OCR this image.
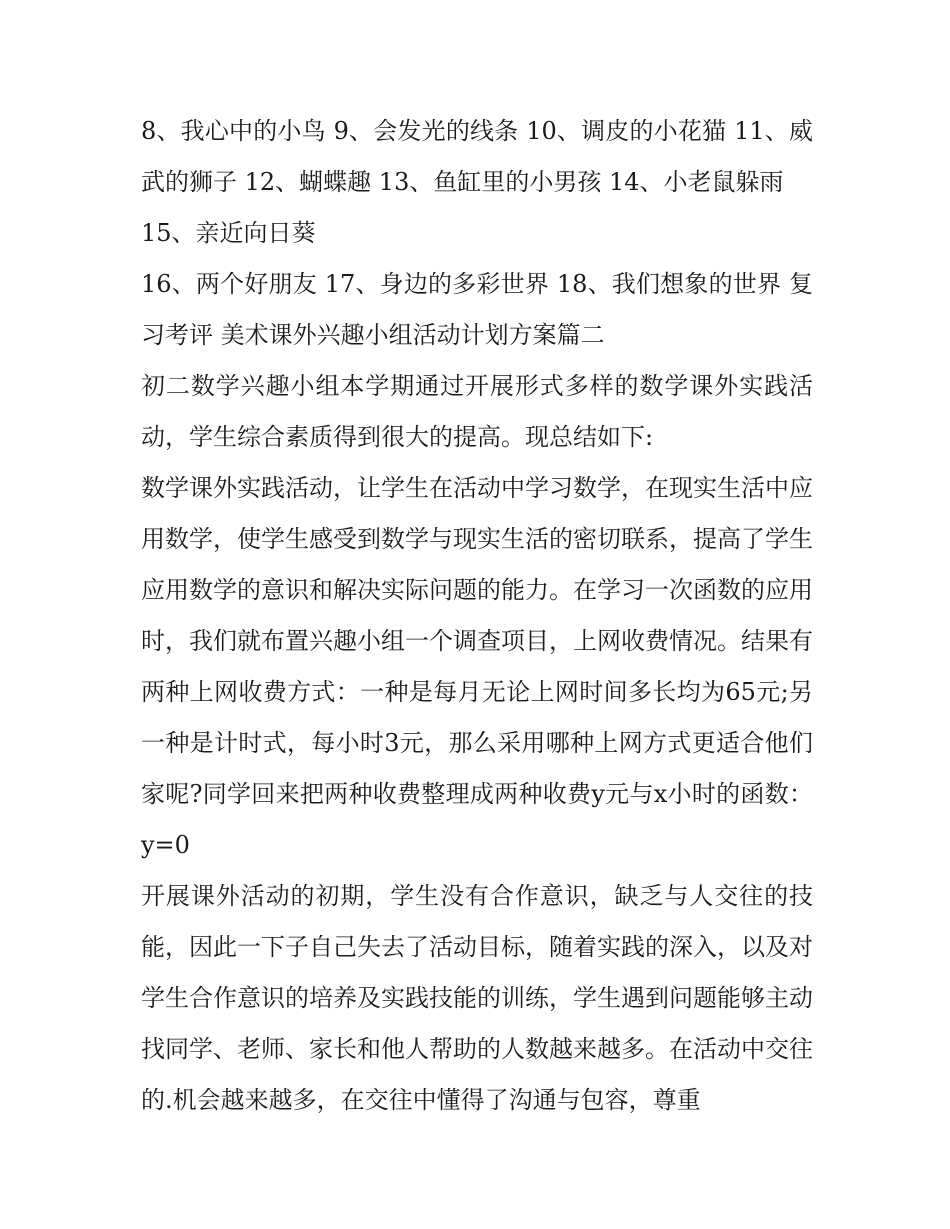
8、我心中的小鸟 9、会发光的线条 10、调皮的小花猫 11、威武的狮子 12、蝴蝶趣 13、鱼缸里的小男孩 14、小老鼠躲雨

15、亲近向日葵

16、两个好朋友 17、身边的多彩世界 18、我们想象的世界 复习考评 美术课外兴趣小组活动计划方案篇二

初二数学兴趣小组本学期通过开展形式多样的数学课外实践活动，学生综合素质得到很大的提高。现总结如下:

数学课外实践活动，让学生在活动中学习数学，在现实生活中应用数学，使学生感受到数学与现实生活的密切联系，提高了学生应用数学的意识和解决实际问题的能力。在学习一次函数的应用时，我们就布置兴趣小组一个调查项目，上网收费情况。结果有两种上网收费方式：一种是每月无论上网时间多长均为65元;另一种是计时式，每小时3元，那么采用哪种上网方式更适合他们家呢?同学回来把两种收费整理成两种收费y元与x小时的函数：y=0

开展课外活动的初期，学生没有合作意识，缺乏与人交往的技能，因此一下子自己失去了活动目标，随着实践的深入，以及对学生合作意识的培养及实践技能的训练，学生遇到问题能够主动找同学、老师、家长和他人帮助的人数越来越多。在活动中交往的.机会越来越多，在交往中懂得了沟通与包容，尊重
